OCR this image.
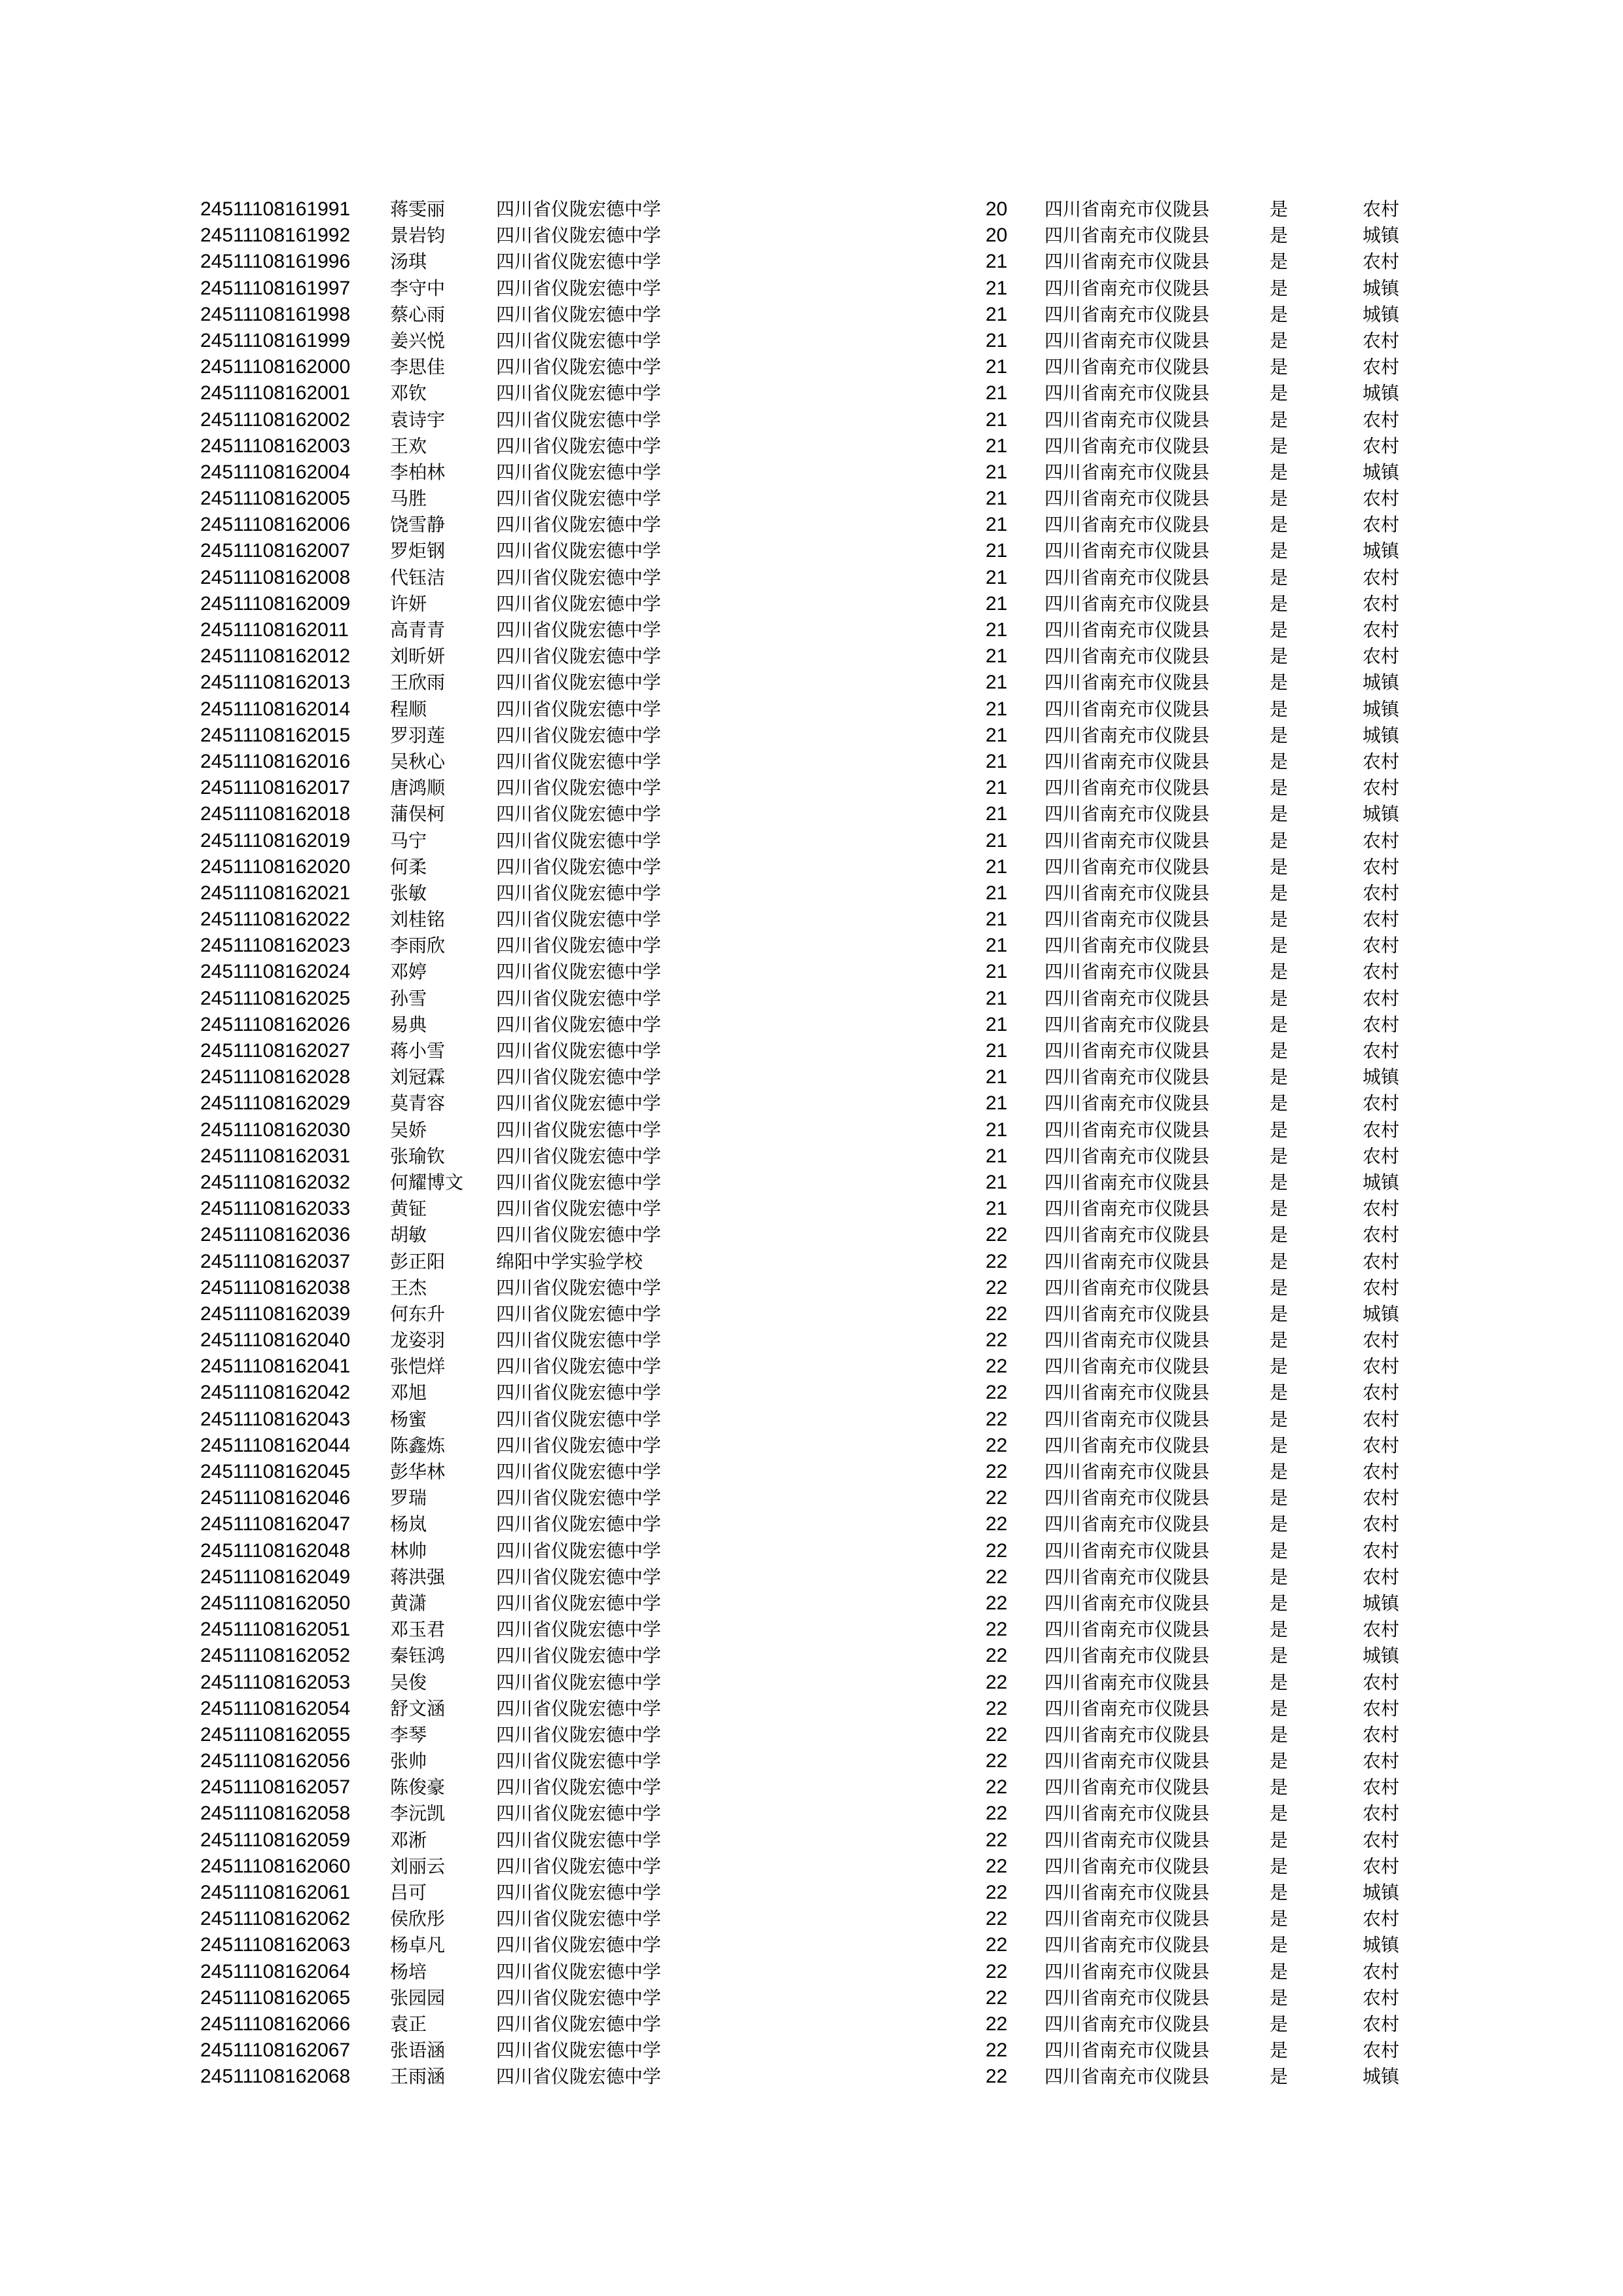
24511108161991 蒋雯丽	四川省仪陇宏德中学	20 四川省南充市仪陇县	是	农村
24511108161992 景岩钧	四川省仪陇宏德中学	20 四川省南充市仪陇县	是	城镇
24511108161996 汤琪	四川省仪陇宏德中学	21 四川省南充市仪陇县	是	农村
24511108161997 李守中	四川省仪陇宏德中学	21 四川省南充市仪陇县	是	城镇
24511108161998 蔡心雨	四川省仪陇宏德中学	21 四川省南充市仪陇县	是	城镇
24511108161999 姜兴悦	四川省仪陇宏德中学	21 四川省南充市仪陇县	是	农村
24511108162000 李思佳	四川省仪陇宏德中学	21 四川省南充市仪陇县	是	农村
24511108162001 邓钦	四川省仪陇宏德中学	21 四川省南充市仪陇县	是	城镇
24511108162002 袁诗宇	四川省仪陇宏德中学	21 四川省南充市仪陇县	是	农村
24511108162003 王欢	四川省仪陇宏德中学	21 四川省南充市仪陇县	是	农村
24511108162004 李柏林	四川省仪陇宏德中学	21 四川省南充市仪陇县	是	城镇
24511108162005 马胜	四川省仪陇宏德中学	21 四川省南充市仪陇县	是	农村
24511108162006 饶雪静	四川省仪陇宏德中学	21 四川省南充市仪陇县	是	农村
24511108162007 罗炬钢	四川省仪陇宏德中学	21 四川省南充市仪陇县	是	城镇
24511108162008 代钰洁	四川省仪陇宏德中学	21 四川省南充市仪陇县	是	农村
24511108162009 许妍	四川省仪陇宏德中学	21 四川省南充市仪陇县	是	农村
24511108162011 高青青	四川省仪陇宏德中学	21 四川省南充市仪陇县	是	农村
24511108162012 刘昕妍	四川省仪陇宏德中学	21 四川省南充市仪陇县	是	农村
24511108162013 王欣雨	四川省仪陇宏德中学	21 四川省南充市仪陇县	是	城镇
24511108162014 程顺	四川省仪陇宏德中学	21 四川省南充市仪陇县	是	城镇
24511108162015 罗羽莲	四川省仪陇宏德中学	21 四川省南充市仪陇县	是	城镇
24511108162016 吴秋心	四川省仪陇宏德中学	21 四川省南充市仪陇县	是	农村
24511108162017 唐鸿顺	四川省仪陇宏德中学	21 四川省南充市仪陇县	是	农村
24511108162018 蒲俣柯	四川省仪陇宏德中学	21 四川省南充市仪陇县	是	城镇
24511108162019 马宁	四川省仪陇宏德中学	21 四川省南充市仪陇县	是	农村
24511108162020 何柔	四川省仪陇宏德中学	21 四川省南充市仪陇县	是	农村
24511108162021 张敏	四川省仪陇宏德中学	21 四川省南充市仪陇县	是	农村
24511108162022 刘桂铭	四川省仪陇宏德中学	21 四川省南充市仪陇县	是	农村
24511108162023 李雨欣	四川省仪陇宏德中学	21 四川省南充市仪陇县	是	农村
24511108162024 邓婷	四川省仪陇宏德中学	21 四川省南充市仪陇县	是	农村
24511108162025 孙雪	四川省仪陇宏德中学	21 四川省南充市仪陇县	是	农村
24511108162026 易典	四川省仪陇宏德中学	21 四川省南充市仪陇县	是	农村
24511108162027 蒋小雪	四川省仪陇宏德中学	21 四川省南充市仪陇县	是	农村
24511108162028 刘冠霖	四川省仪陇宏德中学	21 四川省南充市仪陇县	是	城镇
24511108162029 莫青容	四川省仪陇宏德中学	21 四川省南充市仪陇县	是	农村
24511108162030 吴娇	四川省仪陇宏德中学	21 四川省南充市仪陇县	是	农村
24511108162031 张瑜钦	四川省仪陇宏德中学	21 四川省南充市仪陇县	是	农村
24511108162032 何耀博文 四川省仪陇宏德中学	21 四川省南充市仪陇县	是	城镇
24511108162033 黄钲	四川省仪陇宏德中学	21 四川省南充市仪陇县	是	农村
24511108162036 胡敏	四川省仪陇宏德中学	22 四川省南充市仪陇县	是	农村
24511108162037 彭正阳	绵阳中学实验学校	22 四川省南充市仪陇县	是	农村
24511108162038 王杰	四川省仪陇宏德中学	22 四川省南充市仪陇县	是	农村
24511108162039 何东升	四川省仪陇宏德中学	22 四川省南充市仪陇县	是	城镇
24511108162040 龙姿羽	四川省仪陇宏德中学	22 四川省南充市仪陇县	是	农村
24511108162041 张恺烊	四川省仪陇宏德中学	22 四川省南充市仪陇县	是	农村
24511108162042 邓旭	四川省仪陇宏德中学	22 四川省南充市仪陇县	是	农村
24511108162043 杨蜜	四川省仪陇宏德中学	22 四川省南充市仪陇县	是	农村
24511108162044 陈鑫炼	四川省仪陇宏德中学	22 四川省南充市仪陇县	是	农村
24511108162045 彭华林	四川省仪陇宏德中学	22 四川省南充市仪陇县	是	农村
24511108162046 罗瑞	四川省仪陇宏德中学	22 四川省南充市仪陇县	是	农村
24511108162047 杨岚	四川省仪陇宏德中学	22 四川省南充市仪陇县	是	农村
24511108162048 林帅	四川省仪陇宏德中学	22 四川省南充市仪陇县	是	农村
24511108162049 蒋洪强	四川省仪陇宏德中学	22 四川省南充市仪陇县	是	农村
24511108162050 黄潇	四川省仪陇宏德中学	22 四川省南充市仪陇县	是	城镇
24511108162051 邓玉君	四川省仪陇宏德中学	22 四川省南充市仪陇县	是	农村
24511108162052 秦钰鸿	四川省仪陇宏德中学	22 四川省南充市仪陇县	是	城镇
24511108162053 吴俊	四川省仪陇宏德中学	22 四川省南充市仪陇县	是	农村
24511108162054 舒文涵	四川省仪陇宏德中学	22 四川省南充市仪陇县	是	农村
24511108162055 李琴	四川省仪陇宏德中学	22 四川省南充市仪陇县	是	农村
24511108162056 张帅	四川省仪陇宏德中学	22 四川省南充市仪陇县	是	农村
24511108162057 陈俊豪	四川省仪陇宏德中学	22 四川省南充市仪陇县	是	农村
24511108162058 李沅凯	四川省仪陇宏德中学	22 四川省南充市仪陇县	是	农村
24511108162059 邓淅	四川省仪陇宏德中学	22 四川省南充市仪陇县	是	农村
24511108162060 刘丽云	四川省仪陇宏德中学	22 四川省南充市仪陇县	是	农村
24511108162061 吕可	四川省仪陇宏德中学	22 四川省南充市仪陇县	是	城镇
24511108162062 侯欣彤	四川省仪陇宏德中学	22 四川省南充市仪陇县	是	农村
24511108162063 杨卓凡	四川省仪陇宏德中学	22 四川省南充市仪陇县	是	城镇
24511108162064 杨培	四川省仪陇宏德中学	22 四川省南充市仪陇县	是	农村
24511108162065 张园园	四川省仪陇宏德中学	22 四川省南充市仪陇县	是	农村
24511108162066 袁正	四川省仪陇宏德中学	22 四川省南充市仪陇县	是	农村
24511108162067 张语涵	四川省仪陇宏德中学	22 四川省南充市仪陇县	是	农村
24511108162068 王雨涵	四川省仪陇宏德中学	22 四川省南充市仪陇县	是	城镇
